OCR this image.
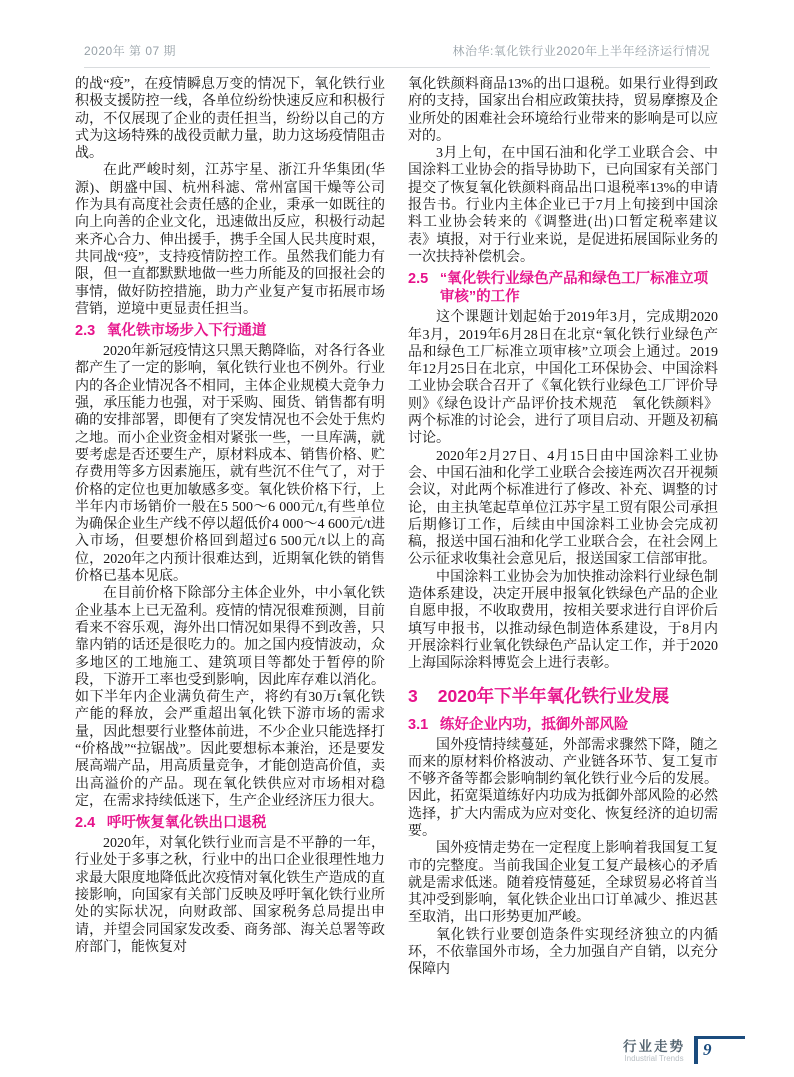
2020年 第 07 期	林治华:氧化铁行业2020年上半年经济运行情况
的战“疫”，在疫情瞬息万变的情况下，氧化铁行业积极支援防控一线，各单位纷纷快速反应和积极行动，不仅展现了企业的责任担当，纷纷以自己的方式为这场特殊的战役贡献力量，助力这场疫情阻击战。
在此严峻时刻，江苏宇星、浙江升华集团(华源)、朗盛中国、杭州科滤、常州富国干燥等公司作为具有高度社会责任感的企业，秉承一如既往的向上向善的企业文化，迅速做出反应，积极行动起来齐心合力、伸出援手，携手全国人民共度时艰，共同战“疫”，支持疫情防控工作。虽然我们能力有限，但一直都默默地做一些力所能及的回报社会的事情，做好防控措施，助力产业复产复市拓展市场营销，逆境中更显责任担当。
2.3 氧化铁市场步入下行通道
2020年新冠疫情这只黑天鹅降临，对各行各业都产生了一定的影响，氧化铁行业也不例外。行业内的各企业情况各不相同，主体企业规模大竞争力强，承压能力也强，对于采购、囤货、销售都有明确的安排部署，即便有了突发情况也不会处于焦灼之地。而小企业资金相对紧张一些，一旦库满，就要考虑是否还要生产，原材料成本、销售价格、贮存费用等多方因素施压，就有些沉不住气了，对于价格的定位也更加敏感多变。氧化铁价格下行，上半年内市场销价一般在5 500～6 000元/t,有些单位为确保企业生产线不停以超低价4 000～4 600元/t进入市场，但要想价格回到超过6 500元/t以上的高位，2020年之内预计很难达到，近期氧化铁的销售价格已基本见底。
在目前价格下除部分主体企业外，中小氧化铁企业基本上已无盈利。疫情的情况很难预测，目前看来不容乐观，海外出口情况如果得不到改善，只靠内销的话还是很吃力的。加之国内疫情波动，众多地区的工地施工、建筑项目等都处于暂停的阶段，下游开工率也受到影响，因此库存难以消化。如下半年内企业满负荷生产，将约有30万t氧化铁产能的释放，会严重超出氧化铁下游市场的需求量，因此想要行业整体前进，不少企业只能选择打“价格战”“拉锯战”。因此要想标本兼治，还是要发展高端产品，用高质量竞争，才能创造高价值，卖出高溢价的产品。现在氧化铁供应对市场相对稳定，在需求持续低迷下，生产企业经济压力很大。
2.4 呼吁恢复氧化铁出口退税
2020年，对氧化铁行业而言是不平静的一年，行业处于多事之秋，行业中的出口企业很理性地力求最大限度地降低此次疫情对氧化铁生产造成的直接影响，向国家有关部门反映及呼吁氧化铁行业所处的实际状况，向财政部、国家税务总局提出申请，并望会同国家发改委、商务部、海关总署等政府部门，能恢复对
氧化铁颜料商品13%的出口退税。如果行业得到政府的支持，国家出台相应政策扶持，贸易摩擦及企业所处的困难社会环境给行业带来的影响是可以应对的。
3月上旬，在中国石油和化学工业联合会、中国涂料工业协会的指导协助下，已向国家有关部门提交了恢复氧化铁颜料商品出口退税率13%的申请报告书。行业内主体企业已于7月上旬接到中国涂料工业协会转来的《调整进(出)口暂定税率建议表》填报，对于行业来说，是促进拓展国际业务的一次扶持补偿机会。
2.5 “氧化铁行业绿色产品和绿色工厂标准立项审核”的工作
这个课题计划起始于2019年3月，完成期2020年3月，2019年6月28日在北京“氧化铁行业绿色产品和绿色工厂标准立项审核”立项会上通过。2019年12月25日在北京，中国化工环保协会、中国涂料工业协会联合召开了《氧化铁行业绿色工厂评价导则》《绿色设计产品评价技术规范　氧化铁颜料》两个标准的讨论会，进行了项目启动、开题及初稿讨论。
2020年2月27日、4月15日由中国涂料工业协会、中国石油和化学工业联合会接连两次召开视频会议，对此两个标准进行了修改、补充、调整的讨论，由主执笔起草单位江苏宇星工贸有限公司承担后期修订工作，后续由中国涂料工业协会完成初稿，报送中国石油和化学工业联合会，在社会网上公示征求收集社会意见后，报送国家工信部审批。
中国涂料工业协会为加快推动涂料行业绿色制造体系建设，决定开展申报氧化铁绿色产品的企业自愿申报，不收取费用，按相关要求进行自评价后填写申报书，以推动绿色制造体系建设，于8月内开展涂料行业氧化铁绿色产品认定工作，并于2020上海国际涂料博览会上进行表彰。
3	2020年下半年氧化铁行业发展
3.1 练好企业内功，抵御外部风险
国外疫情持续蔓延，外部需求骤然下降，随之而来的原材料价格波动、产业链各环节、复工复市不够齐备等都会影响制约氧化铁行业今后的发展。因此，拓宽渠道练好内功成为抵御外部风险的必然选择，扩大内需成为应对变化、恢复经济的迫切需要。
国外疫情走势在一定程度上影响着我国复工复市的完整度。当前我国企业复工复产最核心的矛盾就是需求低迷。随着疫情蔓延，全球贸易必将首当其冲受到影响，氧化铁企业出口订单减少、推迟甚至取消，出口形势更加严峻。
氧化铁行业要创造条件实现经济独立的内循环，不依靠国外市场，全力加强自产自销，以充分保障内
行业走势
Industrial Trends 9
